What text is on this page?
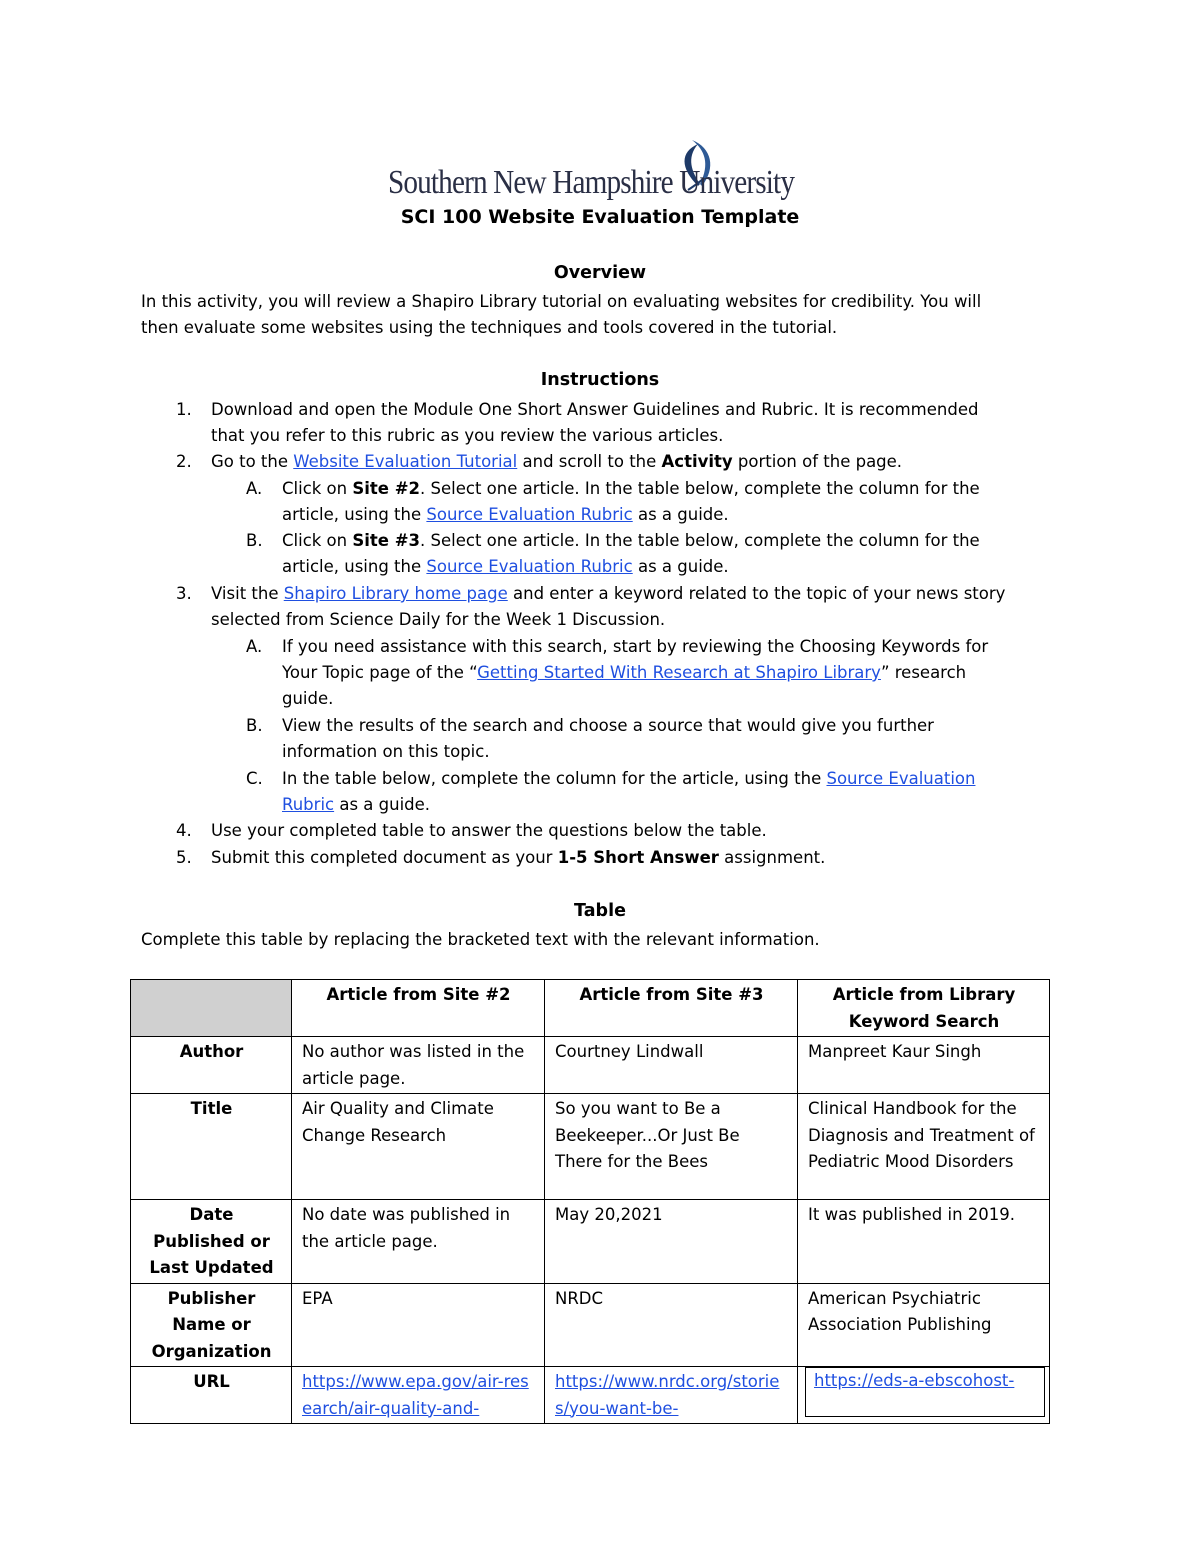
Southern New Hampshire University
SCI 100 Website Evaluation Template
Overview
In this activity, you will review a Shapiro Library tutorial on evaluating websites for credibility. You will
then evaluate some websites using the techniques and tools covered in the tutorial.
Instructions
1. Download and open the Module One Short Answer Guidelines and Rubric. It is recommended
that you refer to this rubric as you review the various articles.
2. Go to the Website Evaluation Tutorial and scroll to the Activity portion of the page.
A. Click on Site #2. Select one article. In the table below, complete the column for the
article, using the Source Evaluation Rubric as a guide.
B. Click on Site #3. Select one article. In the table below, complete the column for the
article, using the Source Evaluation Rubric as a guide.
3. Visit the Shapiro Library home page and enter a keyword related to the topic of your news story
selected from Science Daily for the Week 1 Discussion.
A. If you need assistance with this search, start by reviewing the Choosing Keywords for
Your Topic page of the “Getting Started With Research at Shapiro Library” research
guide.
B. View the results of the search and choose a source that would give you further
information on this topic.
C. In the table below, complete the column for the article, using the Source Evaluation
Rubric as a guide.
4. Use your completed table to answer the questions below the table.
5. Submit this completed document as your 1-5 Short Answer assignment.
Table
Complete this table by replacing the bracketed text with the relevant information.
	Article from Site #2	Article from Site #3	Article from Library Keyword Search
Author	No author was listed in the article page.	Courtney Lindwall	Manpreet Kaur Singh
Title	Air Quality and Climate Change Research	So you want to Be a Beekeeper...Or Just Be There for the Bees	Clinical Handbook for the Diagnosis and Treatment of Pediatric Mood Disorders
Date Published or Last Updated	No date was published in the article page.	May 20,2021	It was published in 2019.
Publisher Name or Organization	EPA	NRDC	American Psychiatric Association Publishing
URL	https://www.epa.gov/air-research/air-quality-and-	https://www.nrdc.org/stories/you-want-be-	https://eds-a-ebscohost-
